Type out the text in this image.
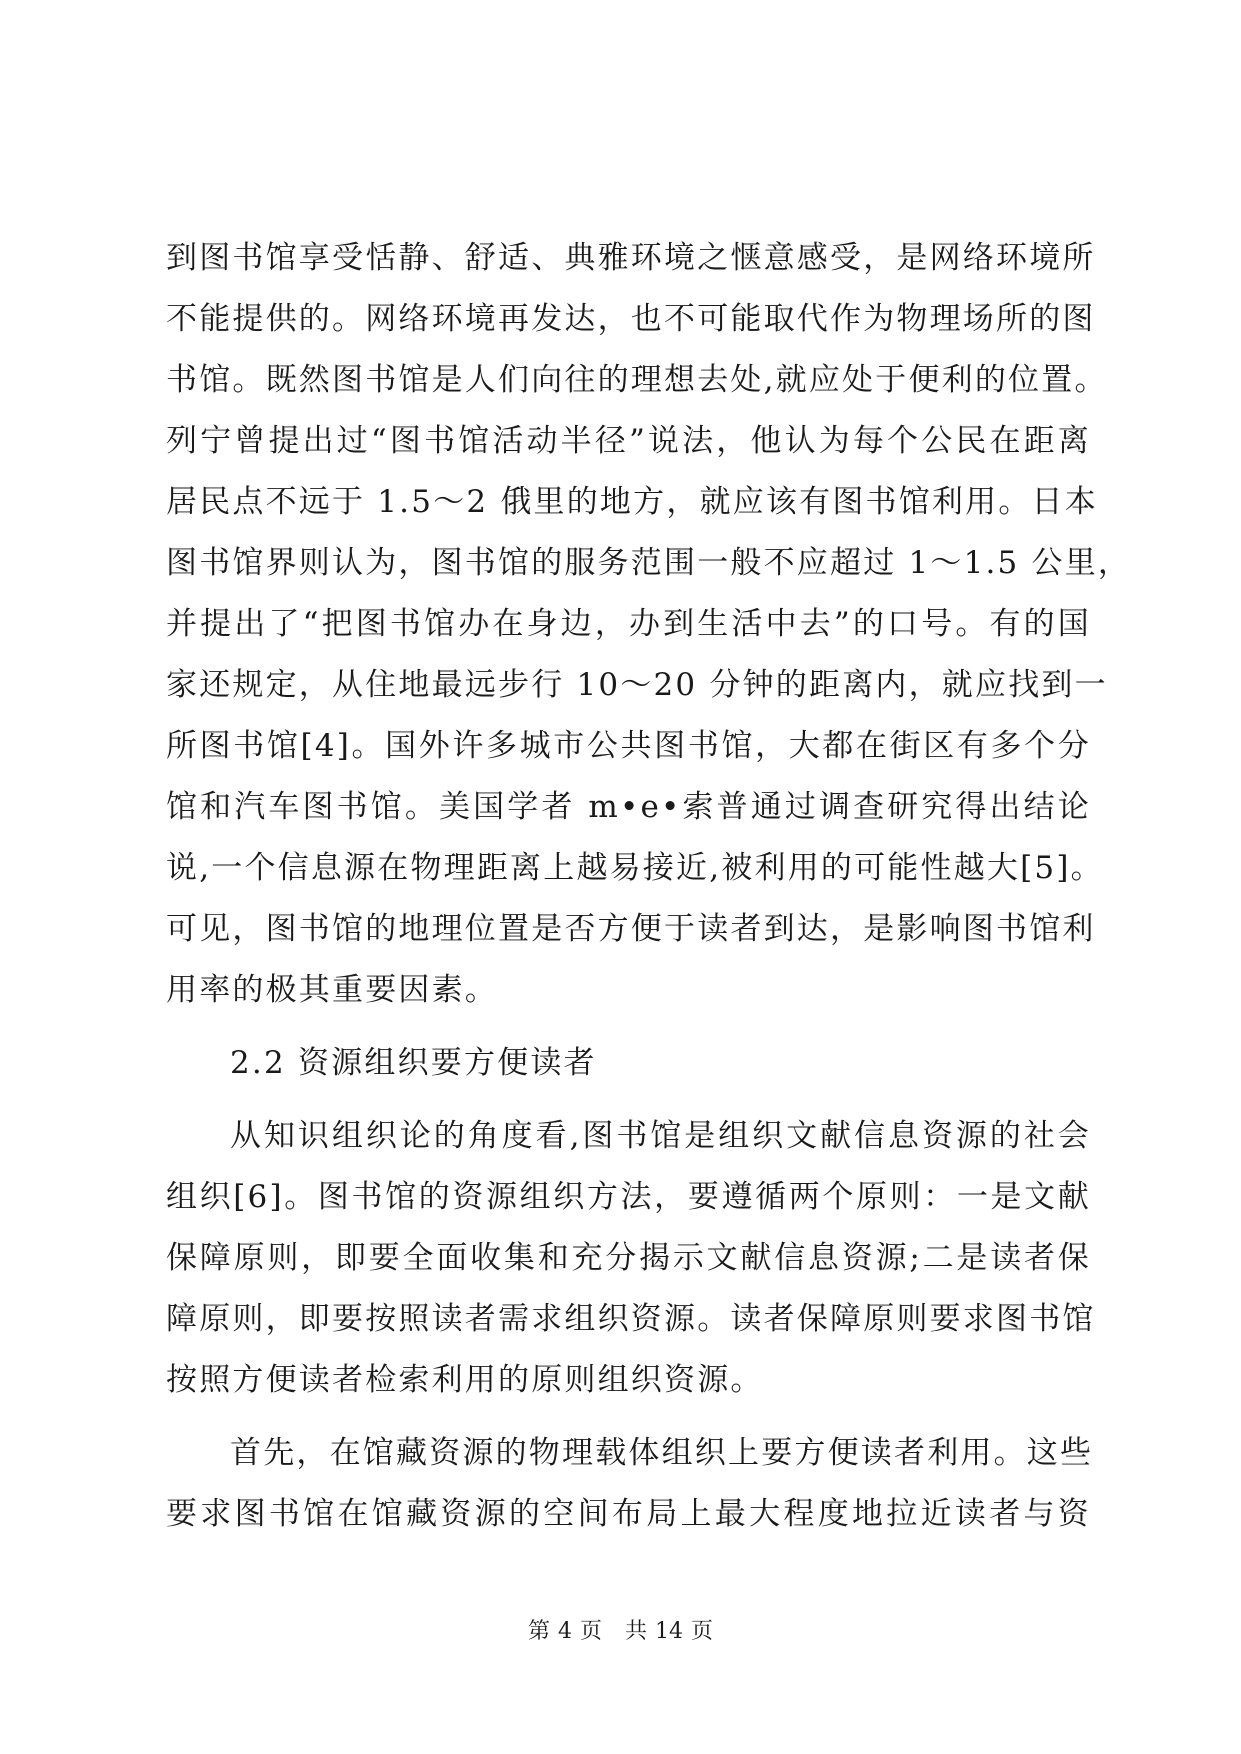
到图书馆享受恬静、舒适、典雅环境之惬意感受，是网络环境所
不能提供的。网络环境再发达，也不可能取代作为物理场所的图
书馆。既然图书馆是人们向往的理想去处,就应处于便利的位置。
列宁曾提出过“图书馆活动半径”说法，他认为每个公民在距离
居民点不远于 1.5～2 俄里的地方，就应该有图书馆利用。日本
图书馆界则认为，图书馆的服务范围一般不应超过 1～1.5 公里，
并提出了“把图书馆办在身边，办到生活中去”的口号。有的国
家还规定，从住地最远步行 10～20 分钟的距离内，就应找到一
所图书馆[4]。国外许多城市公共图书馆，大都在街区有多个分
馆和汽车图书馆。美国学者 m•e•索普通过调查研究得出结论
说,一个信息源在物理距离上越易接近,被利用的可能性越大[5]。
可见，图书馆的地理位置是否方便于读者到达，是影响图书馆利
用率的极其重要因素。
2.2 资源组织要方便读者
从知识组织论的角度看,图书馆是组织文献信息资源的社会
组织[6]。图书馆的资源组织方法，要遵循两个原则：一是文献
保障原则，即要全面收集和充分揭示文献信息资源;二是读者保
障原则，即要按照读者需求组织资源。读者保障原则要求图书馆
按照方便读者检索利用的原则组织资源。
首先，在馆藏资源的物理载体组织上要方便读者利用。这些
要求图书馆在馆藏资源的空间布局上最大程度地拉近读者与资
第 4 页 共 14 页
